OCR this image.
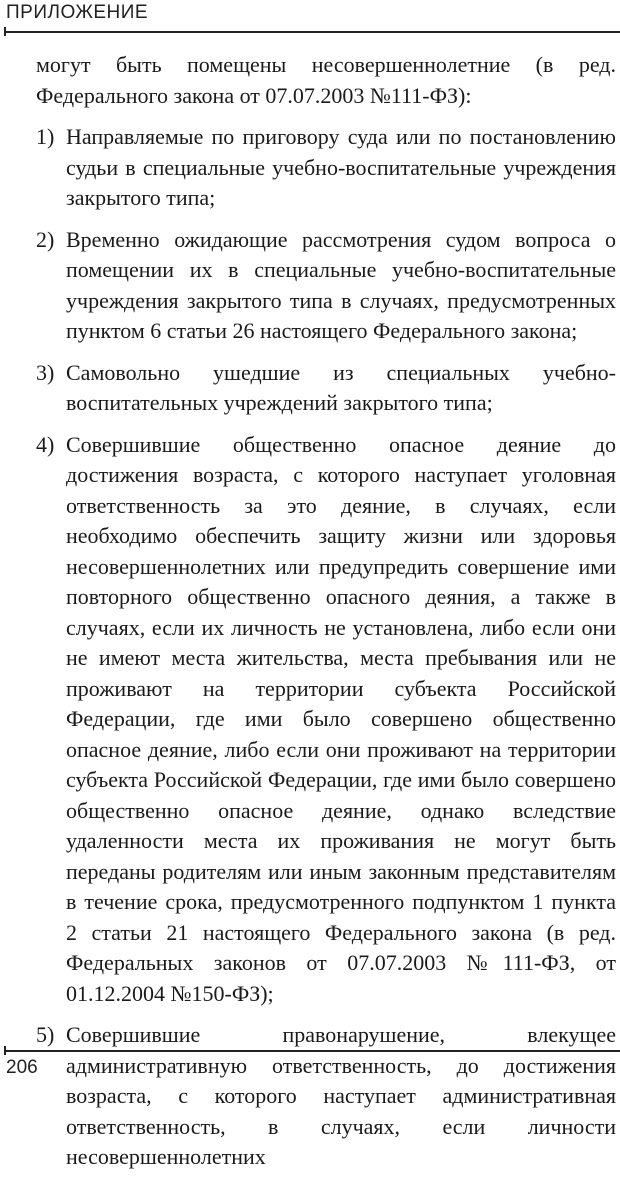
ПРИЛОЖЕНИЕ

могут быть помещены несовершеннолетние (в ред. Федерального закона от 07.07.2003 №111-ФЗ):

1) Направляемые по приговору суда или по постановлению судьи в специальные учебно-воспитательные учреждения закрытого типа;
2) Временно ожидающие рассмотрения судом вопроса о помещении их в специальные учебно-воспитательные учреждения закрытого типа в случаях, предусмотренных пунктом 6 статьи 26 настоящего Федерального закона;
3) Самовольно ушедшие из специальных учебно-воспитательных учреждений закрытого типа;
4) Совершившие общественно опасное деяние до достижения возраста, с которого наступает уголовная ответственность за это деяние, в случаях, если необходимо обеспечить защиту жизни или здоровья несовершеннолетних или предупредить совершение ими повторного общественно опасного деяния, а также в случаях, если их личность не установлена, либо если они не имеют места жительства, места пребывания или не проживают на территории субъекта Российской Федерации, где ими было совершено общественно опасное деяние, либо если они проживают на территории субъекта Российской Федерации, где ими было совершено общественно опасное деяние, однако вследствие удаленности места их проживания не могут быть переданы родителям или иным законным представителям в течение срока, предусмотренного подпунктом 1 пункта 2 статьи 21 настоящего Федерального закона (в ред. Федеральных законов от 07.07.2003 №111-ФЗ, от 01.12.2004 №150-ФЗ);
5) Совершившие правонарушение, влекущее административную ответственность, до достижения возраста, с которого наступает административная ответственность, в случаях, если личности несовершеннолетних
206
